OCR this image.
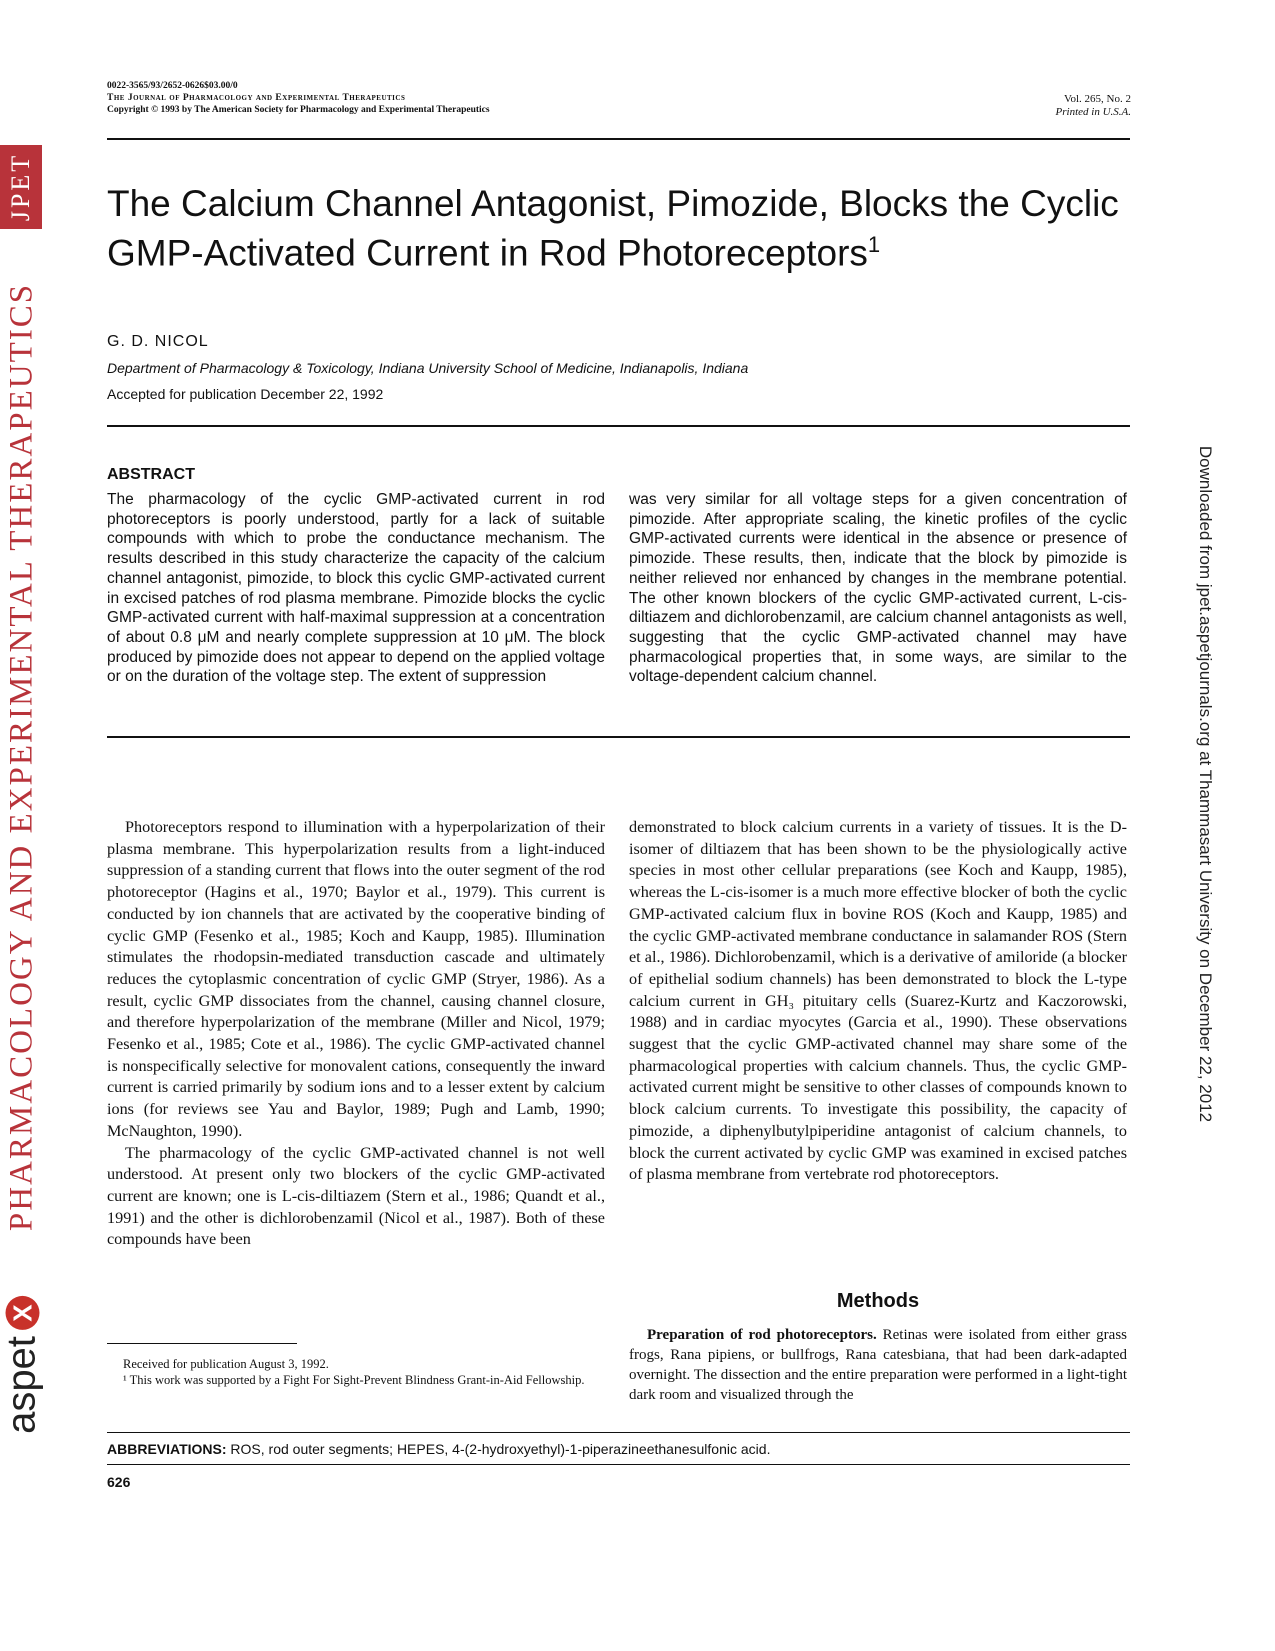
JPET
PHARMACOLOGY AND EXPERIMENTAL THERAPEUTICS
aspet
X
Downloaded from jpet.aspetjournals.org at Thammasart University on December 22, 2012
0022-3565/93/2652-0626$03.00/0
The Journal of Pharmacology and Experimental Therapeutics
Copyright © 1993 by The American Society for Pharmacology and Experimental Therapeutics
Vol. 265, No. 2
Printed in U.S.A.
The Calcium Channel Antagonist, Pimozide, Blocks the Cyclic GMP-Activated Current in Rod Photoreceptors$^1$
G. D. NICOL
Department of Pharmacology & Toxicology, Indiana University School of Medicine, Indianapolis, Indiana
Accepted for publication December 22, 1992
ABSTRACT
The pharmacology of the cyclic GMP-activated current in rod photoreceptors is poorly understood, partly for a lack of suitable compounds with which to probe the conductance mechanism. The results described in this study characterize the capacity of the calcium channel antagonist, pimozide, to block this cyclic GMP-activated current in excised patches of rod plasma membrane. Pimozide blocks the cyclic GMP-activated current with half-maximal suppression at a concentration of about 0.8 μM and nearly complete suppression at 10 μM. The block produced by pimozide does not appear to depend on the applied voltage or on the duration of the voltage step. The extent of suppression
was very similar for all voltage steps for a given concentration of pimozide. After appropriate scaling, the kinetic profiles of the cyclic GMP-activated currents were identical in the absence or presence of pimozide. These results, then, indicate that the block by pimozide is neither relieved nor enhanced by changes in the membrane potential. The other known blockers of the cyclic GMP-activated current, L-cis-diltiazem and dichlorobenzamil, are calcium channel antagonists as well, suggesting that the cyclic GMP-activated channel may have pharmacological properties that, in some ways, are similar to the voltage-dependent calcium channel.

Photoreceptors respond to illumination with a hyperpolarization of their plasma membrane. This hyperpolarization results from a light-induced suppression of a standing current that flows into the outer segment of the rod photoreceptor (Hagins et al., 1970; Baylor et al., 1979). This current is conducted by ion channels that are activated by the cooperative binding of cyclic GMP (Fesenko et al., 1985; Koch and Kaupp, 1985). Illumination stimulates the rhodopsin-mediated transduction cascade and ultimately reduces the cytoplasmic concentration of cyclic GMP (Stryer, 1986). As a result, cyclic GMP dissociates from the channel, causing channel closure, and therefore hyperpolarization of the membrane (Miller and Nicol, 1979; Fesenko et al., 1985; Cote et al., 1986). The cyclic GMP-activated channel is nonspecifically selective for monovalent cations, consequently the inward current is carried primarily by sodium ions and to a lesser extent by calcium ions (for reviews see Yau and Baylor, 1989; Pugh and Lamb, 1990; McNaughton, 1990).

The pharmacology of the cyclic GMP-activated channel is not well understood. At present only two blockers of the cyclic GMP-activated current are known; one is L-cis-diltiazem (Stern et al., 1986; Quandt et al., 1991) and the other is dichlorobenzamil (Nicol et al., 1987). Both of these compounds have been

Received for publication August 3, 1992.
¹ This work was supported by a Fight For Sight-Prevent Blindness Grant-in-Aid Fellowship.

demonstrated to block calcium currents in a variety of tissues. It is the D-isomer of diltiazem that has been shown to be the physiologically active species in most other cellular preparations (see Koch and Kaupp, 1985), whereas the L-cis-isomer is a much more effective blocker of both the cyclic GMP-activated calcium flux in bovine ROS (Koch and Kaupp, 1985) and the cyclic GMP-activated membrane conductance in salamander ROS (Stern et al., 1986). Dichlorobenzamil, which is a derivative of amiloride (a blocker of epithelial sodium channels) has been demonstrated to block the L-type calcium current in GH₃ pituitary cells (Suarez-Kurtz and Kaczorowski, 1988) and in cardiac myocytes (Garcia et al., 1990). These observations suggest that the cyclic GMP-activated channel may share some of the pharmacological properties with calcium channels. Thus, the cyclic GMP-activated current might be sensitive to other classes of compounds known to block calcium currents. To investigate this possibility, the capacity of pimozide, a diphenylbutylpiperidine antagonist of calcium channels, to block the current activated by cyclic GMP was examined in excised patches of plasma membrane from vertebrate rod photoreceptors.

Methods
Preparation of rod photoreceptors. Retinas were isolated from either grass frogs, Rana pipiens, or bullfrogs, Rana catesbiana, that had been dark-adapted overnight. The dissection and the entire preparation were performed in a light-tight dark room and visualized through the
ABBREVIATIONS: ROS, rod outer segments; HEPES, 4-(2-hydroxyethyl)-1-piperazineethanesulfonic acid.
626
